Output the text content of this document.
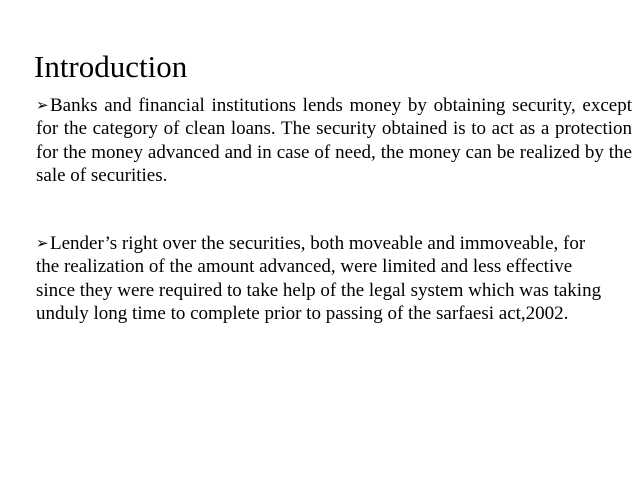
Introduction

➢Banks and financial institutions lends money by obtaining security, except for the category of clean loans. The security obtained is to act as a protection for the money advanced and in case of need, the money can be realized by the sale of securities.

➢Lender’s right over the securities, both moveable and immoveable, for the realization of the amount advanced, were limited and less effective since they were required to take help of the legal system which was taking unduly long time to complete prior to passing of the sarfaesi act,2002.
